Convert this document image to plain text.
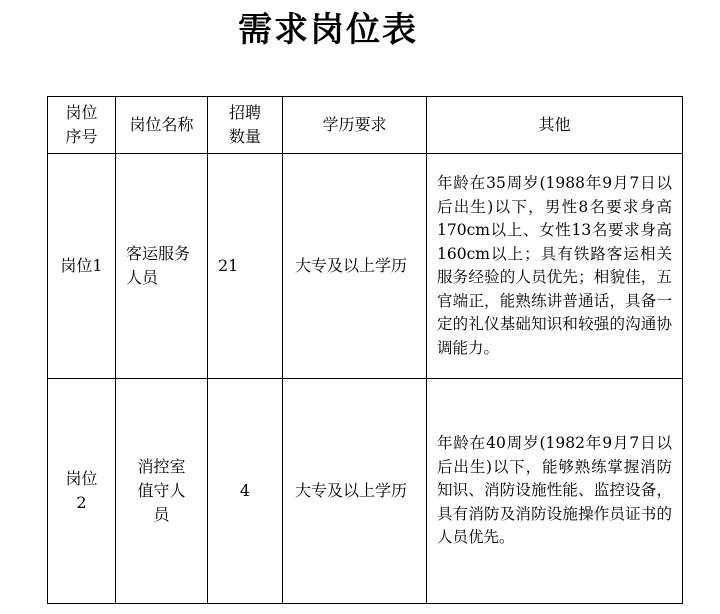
需求岗位表
岗位序号	岗位名称	招聘数量	学历要求	其他
岗位1	客运服务人员	21	大专及以上学历	年龄在35周岁(1988年9月7日以后出生)以下，男性8名要求身高170cm以上、女性13名要求身高160cm以上；具有铁路客运相关服务经验的人员优先；相貌佳，五官端正，能熟练讲普通话，具备一定的礼仪基础知识和较强的沟通协调能力。
岗位2	消控室值守人员	4	大专及以上学历	年龄在40周岁(1982年9月7日以后出生)以下，能够熟练掌握消防知识、消防设施性能、监控设备，具有消防及消防设施操作员证书的人员优先。
